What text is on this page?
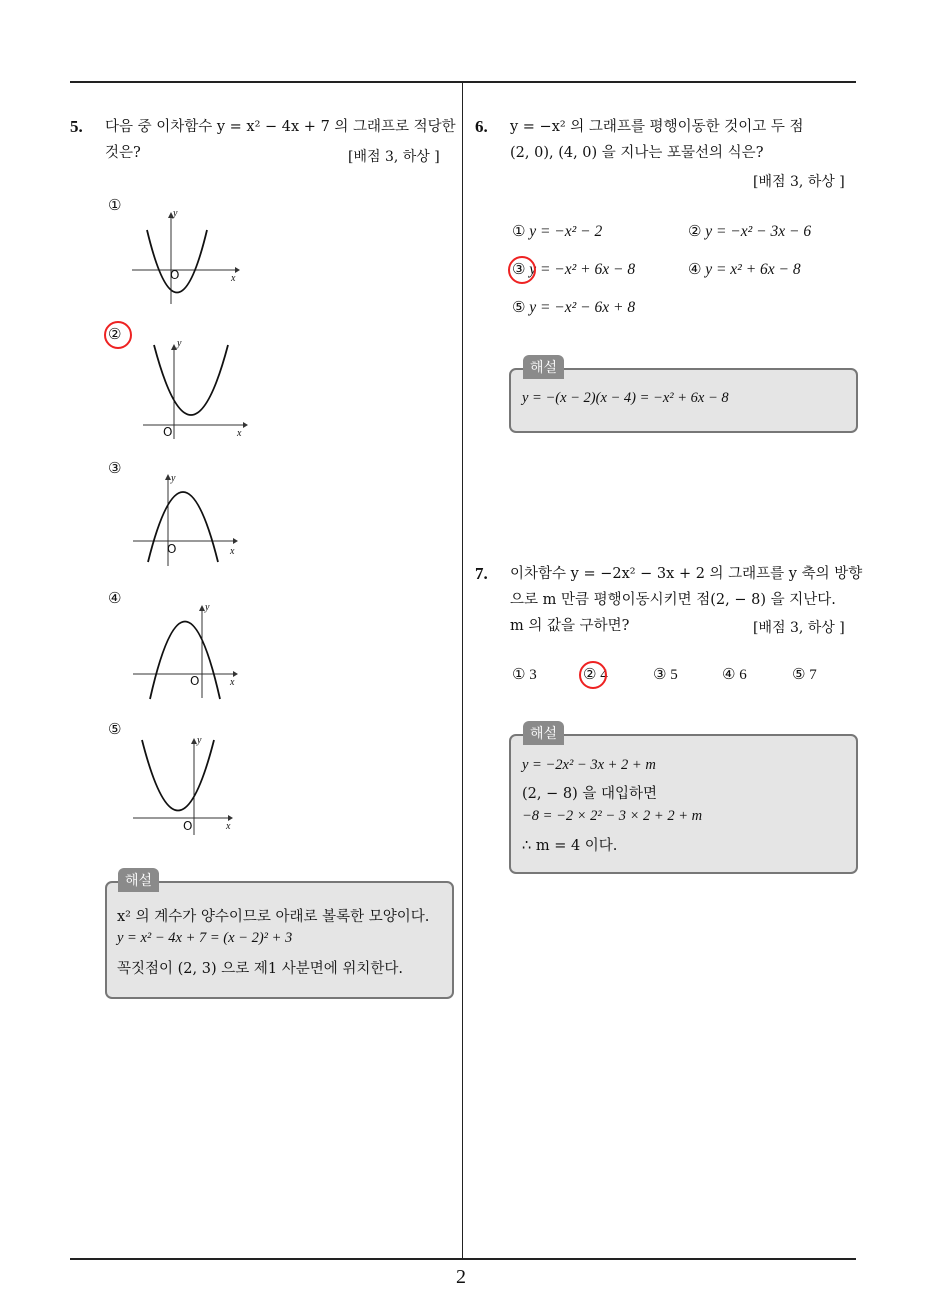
5. 다음 중 이차함수 y = x² − 4x + 7 의 그래프로 적당한
것은?	[배점 3, 하상 ]
①
②
③
④
⑤
y
x
O
y
x
O
y
x
O
y
x
O
y
x
O
해설
x² 의 계수가 양수이므로 아래로 볼록한 모양이다.
y = x² − 4x + 7 = (x − 2)² + 3
꼭짓점이 (2, 3) 으로 제1 사분면에 위치한다.
6. y = −x² 의 그래프를 평행이동한 것이고 두 점
(2, 0), (4, 0) 을 지나는 포물선의 식은?
[배점 3, 하상 ]
① y = −x² − 2	② y = −x² − 3x − 6
③ y = −x² + 6x − 8	④ y = x² + 6x − 8
⑤ y = −x² − 6x + 8
해설
y = −(x − 2)(x − 4) = −x² + 6x − 8
7. 이차함수 y = −2x² − 3x + 2 의 그래프를 y 축의 방향
으로 m 만큼 평행이동시키면 점(2, − 8) 을 지난다.
m 의 값을 구하면?	[배점 3, 하상 ]
① 3	② 4	③ 5	④ 6	⑤ 7
해설
y = −2x² − 3x + 2 + m
(2, − 8) 을 대입하면
−8 = −2 × 2² − 3 × 2 + 2 + m
∴ m = 4 이다.
2
